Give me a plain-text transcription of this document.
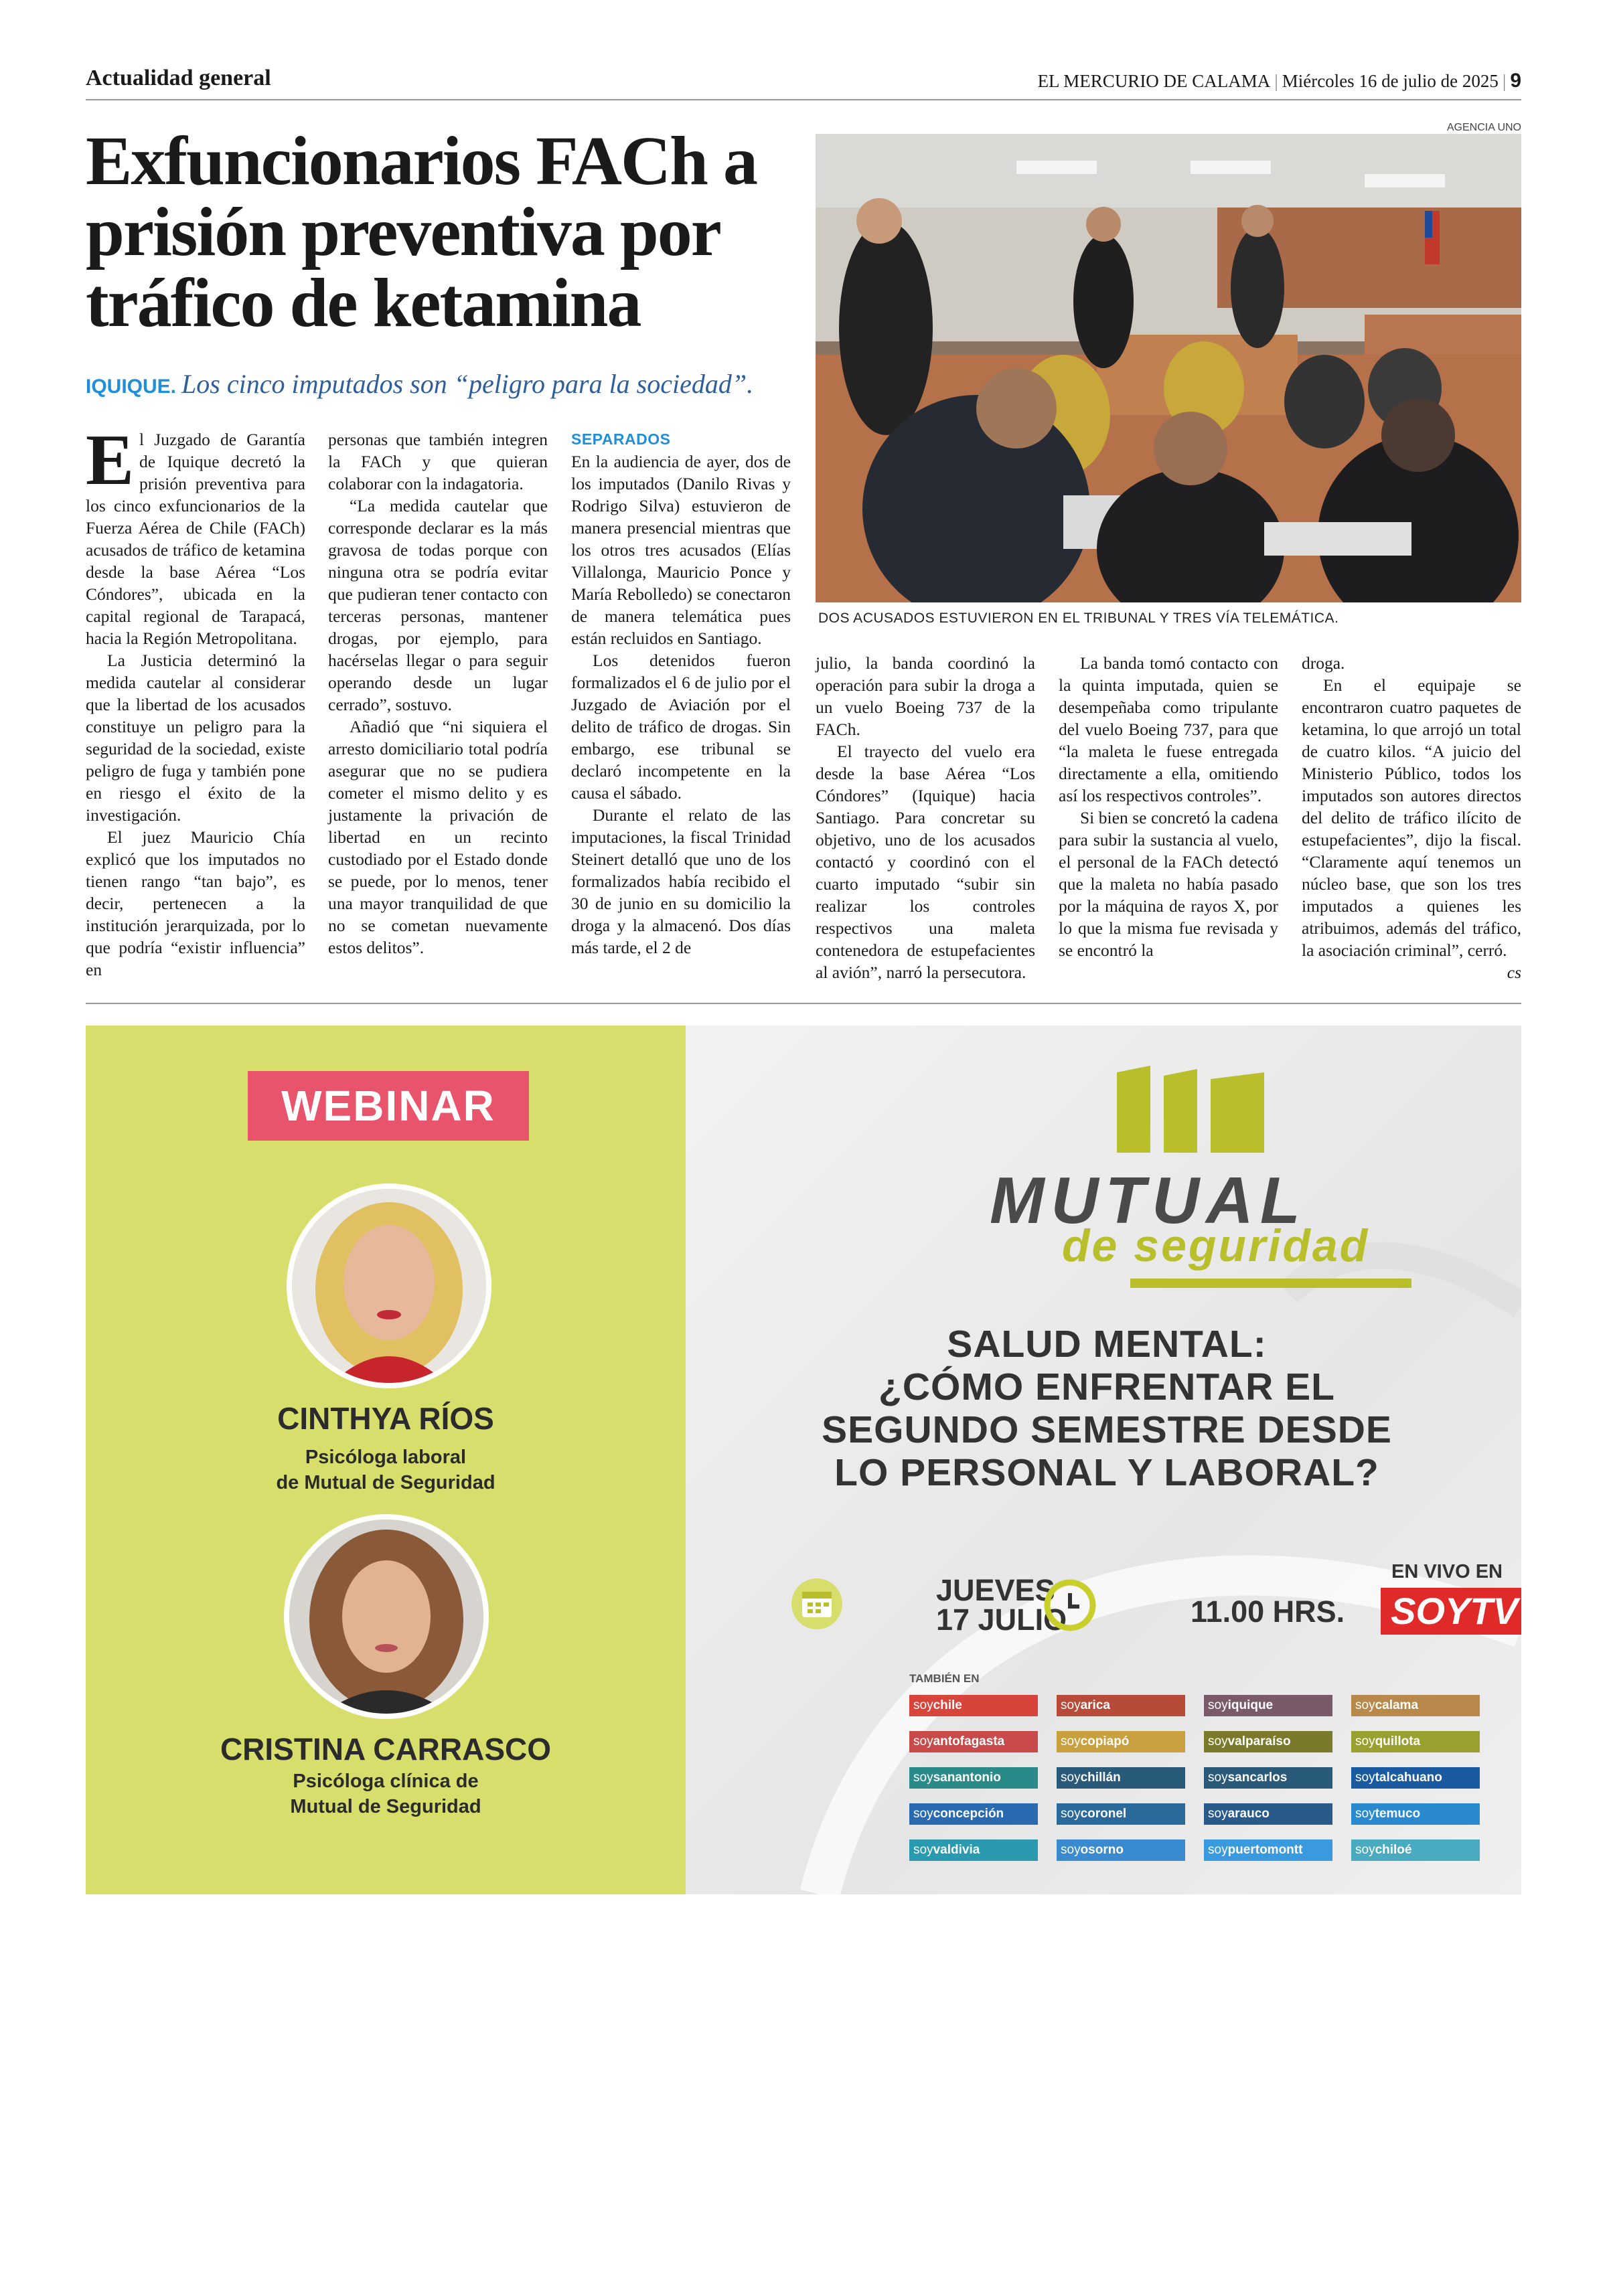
Actualidad general	EL MERCURIO DE CALAMA | Miércoles 16 de julio de 2025 | 9
Exfuncionarios FACh a prisión preventiva por tráfico de ketamina
IQUIQUE. Los cinco imputados son “peligro para la sociedad”.
AGENCIA UNO
DOS ACUSADOS ESTUVIERON EN EL TRIBUNAL Y TRES VÍA TELEMÁTICA.

El Juzgado de Garantía de Iquique decretó la prisión preventiva para los cinco exfuncionarios de la Fuerza Aérea de Chile (FACh) acusados de tráfico de ketamina desde la base Aérea “Los Cóndores”, ubicada en la capital regional de Tarapacá, hacia la Región Metropolitana.

La Justicia determinó la medida cautelar al considerar que la libertad de los acusados constituye un peligro para la seguridad de la sociedad, existe peligro de fuga y también pone en riesgo el éxito de la investigación.

El juez Mauricio Chía explicó que los imputados no tienen rango “tan bajo”, es decir, pertenecen a la institución jerarquizada, por lo que podría “existir influencia” en

personas que también integren la FACh y que quieran colaborar con la indagatoria.

“La medida cautelar que corresponde declarar es la más gravosa de todas porque con ninguna otra se podría evitar que pudieran tener contacto con terceras personas, mantener drogas, por ejemplo, para hacérselas llegar o para seguir operando desde un lugar cerrado”, sostuvo.

Añadió que “ni siquiera el arresto domiciliario total podría asegurar que no se pudiera cometer el mismo delito y es justamente la privación de libertad en un recinto custodiado por el Estado donde se puede, por lo menos, tener una mayor tranquilidad de que no se cometan nuevamente estos delitos”.

SEPARADOS

En la audiencia de ayer, dos de los imputados (Danilo Rivas y Rodrigo Silva) estuvieron de manera presencial mientras que los otros tres acusados (Elías Villalonga, Mauricio Ponce y María Rebolledo) se conectaron de manera telemática pues están recluidos en Santiago.

Los detenidos fueron formalizados el 6 de julio por el Juzgado de Aviación por el delito de tráfico de drogas. Sin embargo, ese tribunal se declaró incompetente en la causa el sábado.

Durante el relato de las imputaciones, la fiscal Trinidad Steinert detalló que uno de los formalizados había recibido el 30 de junio en su domicilio la droga y la almacenó. Dos días más tarde, el 2 de

julio, la banda coordinó la operación para subir la droga a un vuelo Boeing 737 de la FACh.

El trayecto del vuelo era desde la base Aérea “Los Cóndores” (Iquique) hacia Santiago. Para concretar su objetivo, uno de los acusados contactó y coordinó con el cuarto imputado “subir sin realizar los controles respectivos una maleta contenedora de estupefacientes al avión”, narró la persecutora.

La banda tomó contacto con la quinta imputada, quien se desempeñaba como tripulante del vuelo Boeing 737, para que “la maleta le fuese entregada directamente a ella, omitiendo así los respectivos controles”.

Si bien se concretó la cadena para subir la sustancia al vuelo, el personal de la FACh detectó que la maleta no había pasado por la máquina de rayos X, por lo que la misma fue revisada y se encontró la

droga.

En el equipaje se encontraron cuatro paquetes de ketamina, lo que arrojó un total de cuatro kilos. “A juicio del Ministerio Público, todos los imputados son autores directos del delito de tráfico ilícito de estupefacientes”, dijo la fiscal. “Claramente aquí tenemos un núcleo base, que son los tres imputados a quienes les atribuimos, además del tráfico, la asociación criminal”, cerró.

cs
WEBINAR
CINTHYA RÍOS
Psicóloga laboral
de Mutual de Seguridad
CRISTINA CARRASCO
Psicóloga clínica de
Mutual de Seguridad
MUTUAL
de seguridad
SALUD MENTAL:
¿CÓMO ENFRENTAR EL
SEGUNDO SEMESTRE DESDE
LO PERSONAL Y LABORAL?
JUEVES
17 JULIO	11.00 HRS.
EN VIVO EN
SOYTV
TAMBIÉN EN
soychile	soyarica	soyiquique	soycalama
soyantofagasta	soycopiapó	soyvalparaíso	soyquillota
soysanantonio	soychillán	soysancarlos	soytalcahuano
soyconcepción	soycoronel	soyarauco	soytemuco
soyvaldivia	soyosorno	soypuertomontt	soychiloé
